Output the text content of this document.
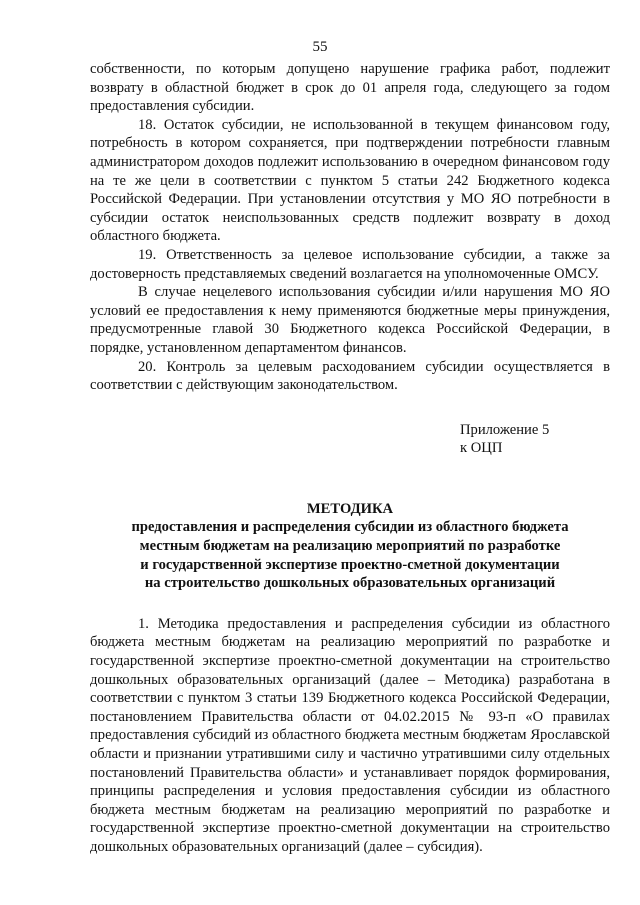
55

собственности, по которым допущено нарушение графика работ, подлежит возврату в областной бюджет в срок до 01 апреля года, следующего за годом предоставления субсидии.

18. Остаток субсидии, не использованной в текущем финансовом году, потребность в котором сохраняется, при подтверждении потребности главным администратором доходов подлежит использованию в очередном финансовом году на те же цели в соответствии с пунктом 5 статьи 242 Бюджетного кодекса Российской Федерации. При установлении отсутствия у МО ЯО потребности в субсидии остаток неиспользованных средств подлежит возврату в доход областного бюджета.

19. Ответственность за целевое использование субсидии, а также за достоверность представляемых сведений возлагается на уполномоченные ОМСУ.

В случае нецелевого использования субсидии и/или нарушения МО ЯО условий ее предоставления к нему применяются бюджетные меры принуждения, предусмотренные главой 30 Бюджетного кодекса Российской Федерации, в порядке, установленном департаментом финансов.

20. Контроль за целевым расходованием субсидии осуществляется в соответствии с действующим законодательством.

Приложение 5
к ОЦП

МЕТОДИКА
предоставления и распределения субсидии из областного бюджета
местным бюджетам на реализацию мероприятий по разработке
и государственной экспертизе проектно-сметной документации
на строительство дошкольных образовательных организаций

1. Методика предоставления и распределения субсидии из областного бюджета местным бюджетам на реализацию мероприятий по разработке и государственной экспертизе проектно-сметной документации на строительство дошкольных образовательных организаций (далее – Методика) разработана в соответствии с пунктом 3 статьи 139 Бюджетного кодекса Российской Федерации, постановлением Правительства области от 04.02.2015 № 93-п «О правилах предоставления субсидий из областного бюджета местным бюджетам Ярославской области и признании утратившими силу и частично утратившими силу отдельных постановлений Правительства области» и устанавливает порядок формирования, принципы распределения и условия предоставления субсидии из областного бюджета местным бюджетам на реализацию мероприятий по разработке и государственной экспертизе проектно-сметной документации на строительство дошкольных образовательных организаций (далее – субсидия).
